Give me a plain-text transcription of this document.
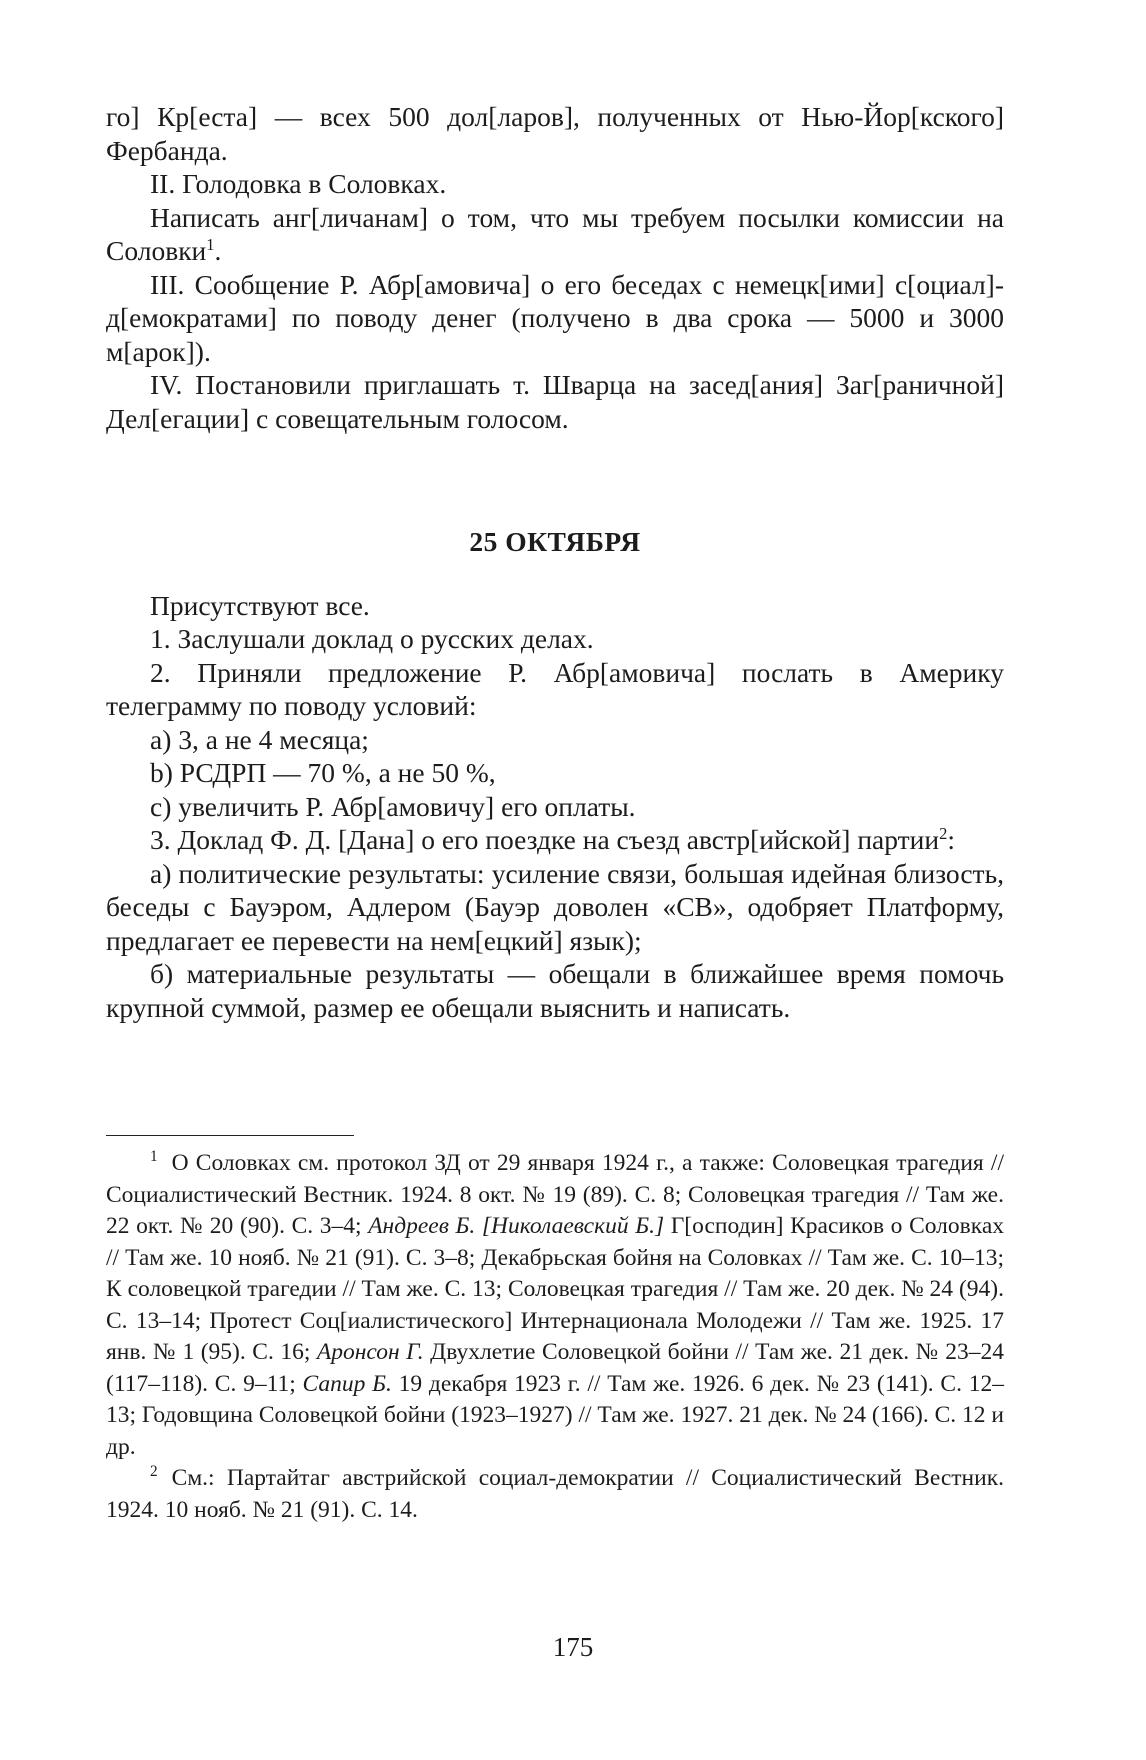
го] Кр[еста] — всех 500 дол[ларов], полученных от Нью-Йор[кского] Фербанда.

II. Голодовка в Соловках.

Написать анг[личанам] о том, что мы требуем посылки комиссии на Соловки$^1$.

III. Сообщение Р. Абр[амовича] о его беседах с немецк[ими] с[оциал]-д[емократами] по поводу денег (получено в два срока — 5000 и 3000 м[арок]).

IV. Постановили приглашать т. Шварца на засед[ания] Заг[раничной] Дел[егации] с совещательным голосом.

25 ОКТЯБРЯ

Присутствуют все.

1. Заслушали доклад о русских делах.

2. Приняли предложение Р. Абр[амовича] послать в Америку телеграмму по поводу условий:

а) 3, а не 4 месяца;

b) РСДРП — 70 %, а не 50 %,

с) увеличить Р. Абр[амовичу] его оплаты.

3. Доклад Ф. Д. [Дана] о его поездке на съезд австр[ийской] партии$^2$:

а) политические результаты: усиление связи, большая идейная близость, беседы с Бауэром, Адлером (Бауэр доволен «СВ», одобряет Платформу, предлагает ее перевести на нем[ецкий] язык);

б) материальные результаты — обещали в ближайшее время помочь крупной суммой, размер ее обещали выяснить и написать.

$^1$ О Соловках см. протокол ЗД от 29 января 1924 г., а также: Соловецкая трагедия // Социалистический Вестник. 1924. 8 окт. № 19 (89). С. 8; Соловецкая трагедия // Там же. 22 окт. № 20 (90). С. 3–4; Андреев Б. [Николаевский Б.] Г[осподин] Красиков о Соловках // Там же. 10 нояб. № 21 (91). С. 3–8; Декабрьская бойня на Соловках // Там же. С. 10–13; К соловецкой трагедии // Там же. С. 13; Соловецкая трагедия // Там же. 20 дек. № 24 (94). С. 13–14; Протест Соц[иалистического] Интернационала Молодежи // Там же. 1925. 17 янв. № 1 (95). С. 16; Аронсон Г. Двухлетие Соловецкой бойни // Там же. 21 дек. № 23–24 (117–118). С. 9–11; Сапир Б. 19 декабря 1923 г. // Там же. 1926. 6 дек. № 23 (141). С. 12–13; Годовщина Соловецкой бойни (1923–1927) // Там же. 1927. 21 дек. № 24 (166). С. 12 и др.

$^2$ См.: Партайтаг австрийской социал-демократии // Социалистический Вестник. 1924. 10 нояб. № 21 (91). С. 14.

175
